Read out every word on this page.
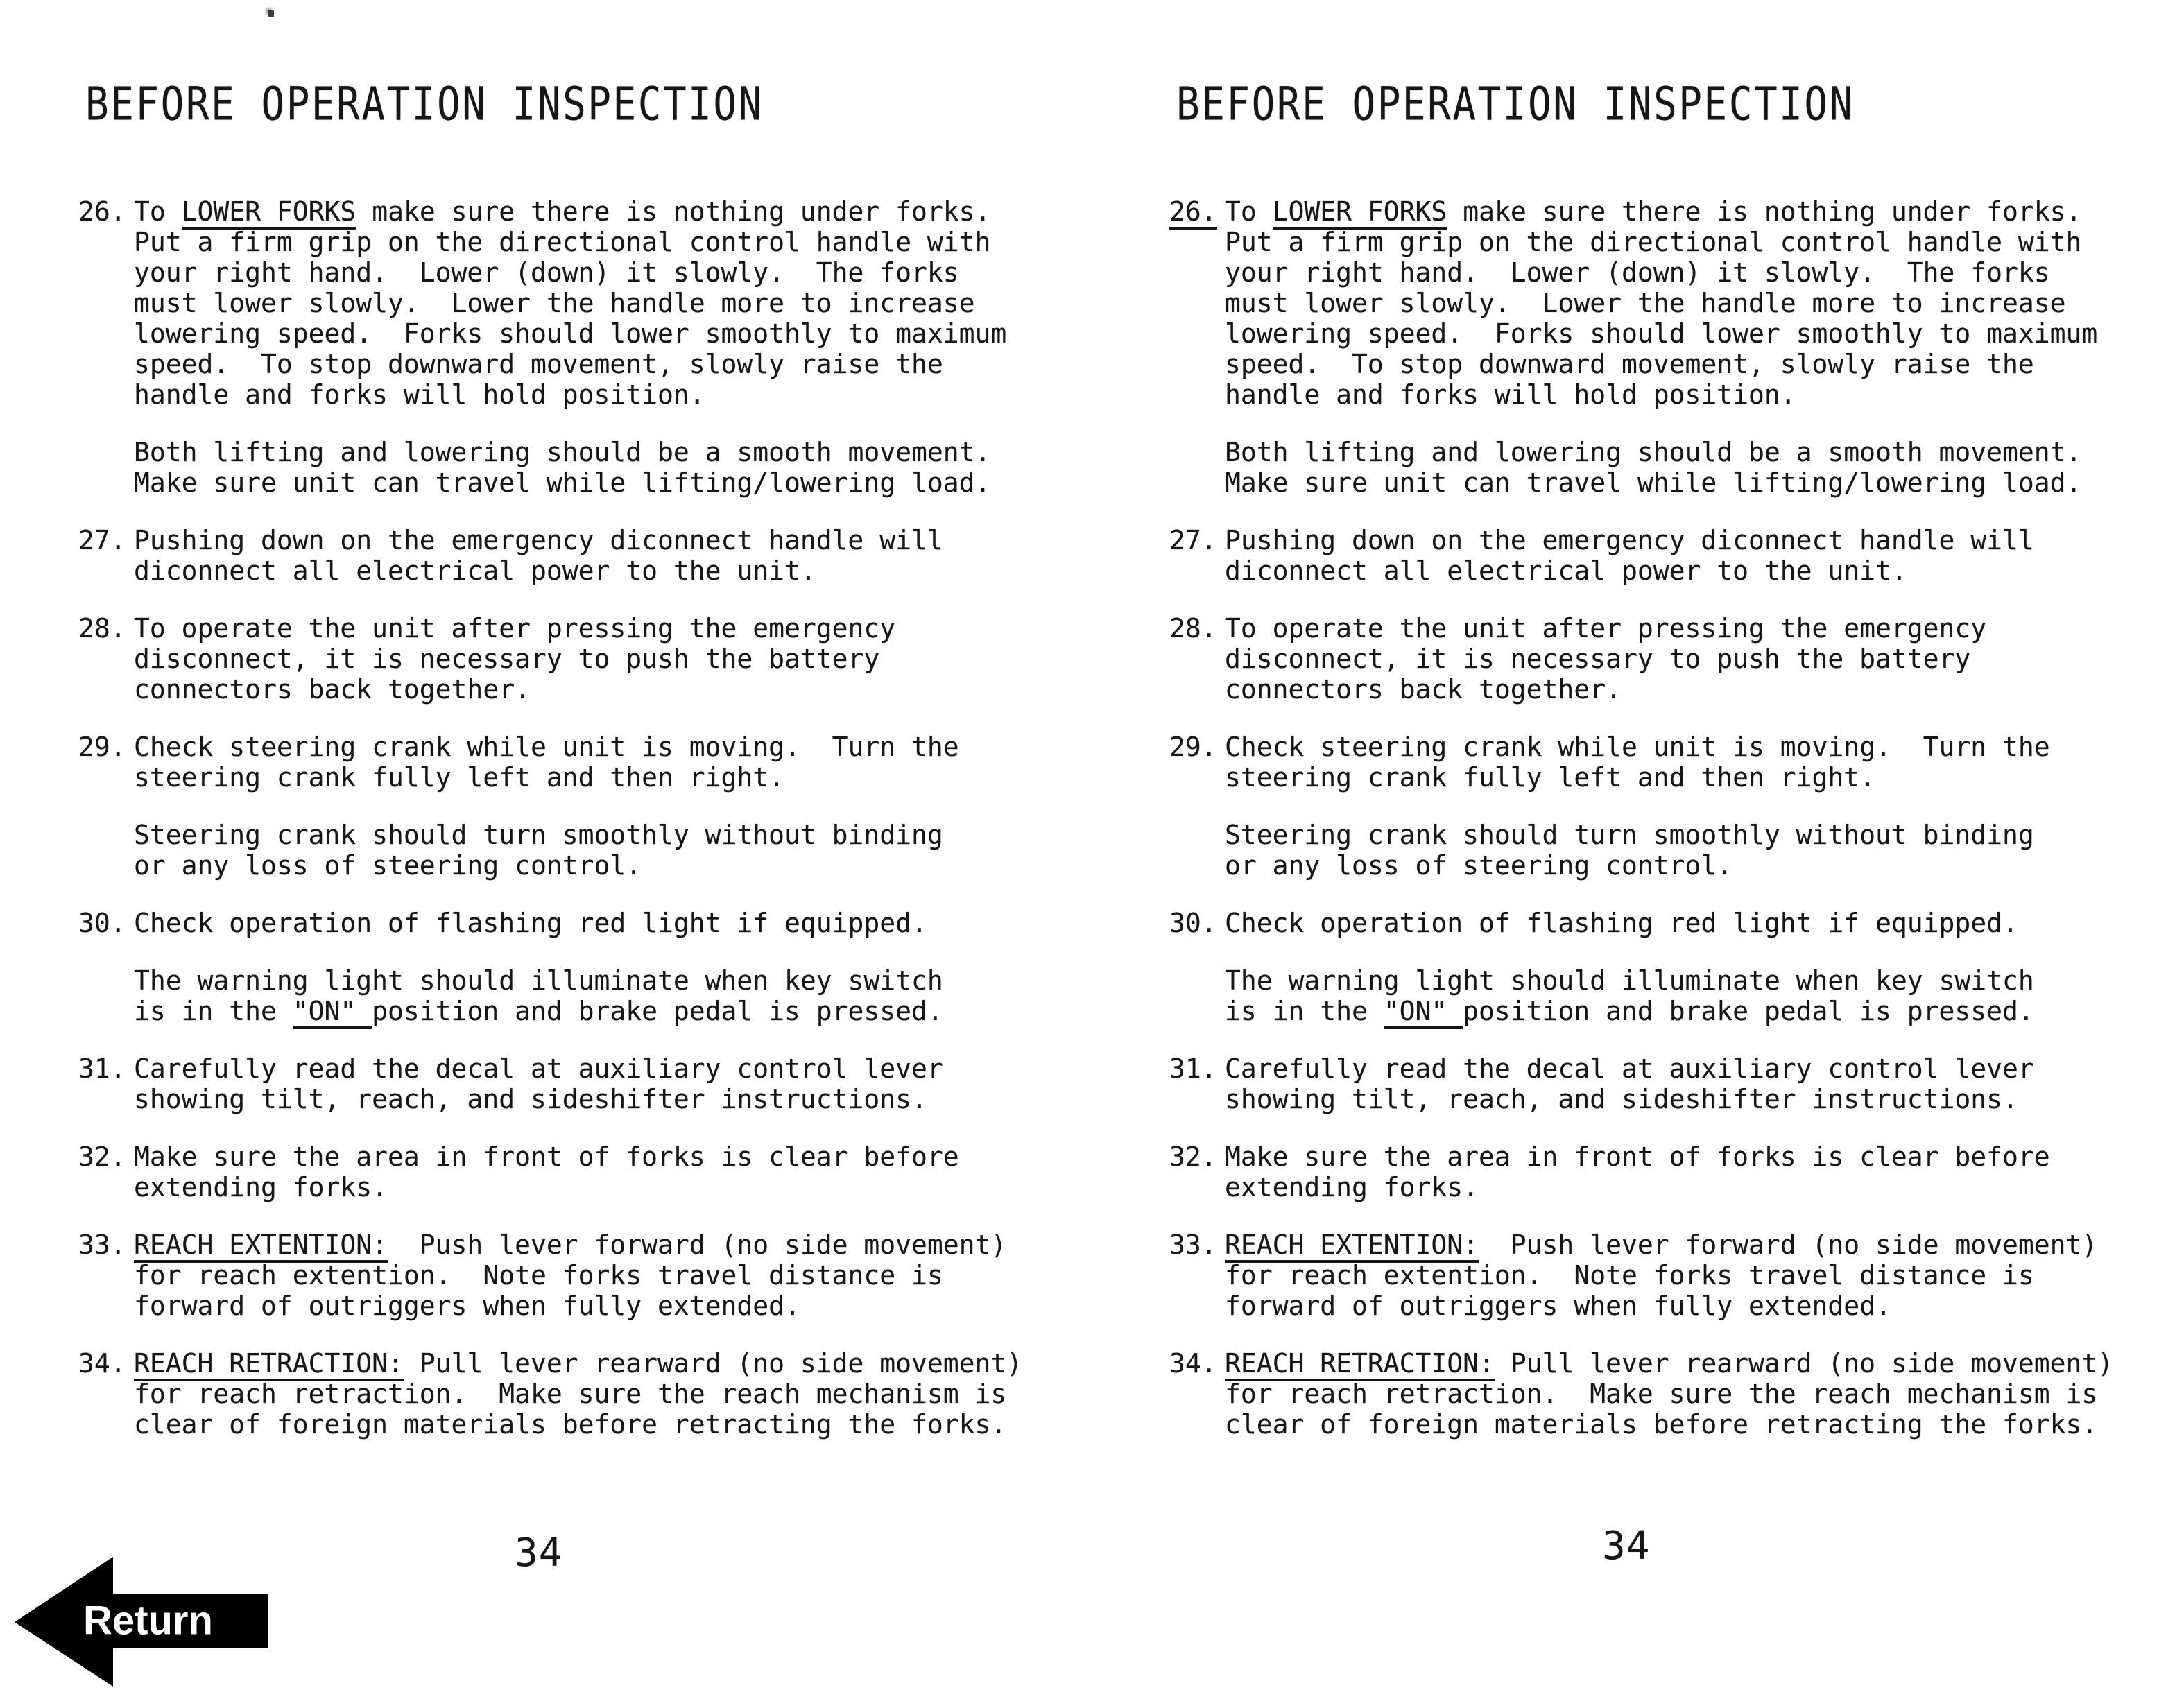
BEFORE OPERATION INSPECTION
26. To LOWER FORKS make sure there is nothing under forks.
Put a firm grip on the directional control handle with
your right hand.  Lower (down) it slowly.  The forks
must lower slowly.  Lower the handle more to increase
lowering speed.  Forks should lower smoothly to maximum
speed.  To stop downward movement, slowly raise the
handle and forks will hold position.
Both lifting and lowering should be a smooth movement.
Make sure unit can travel while lifting/lowering load.
27. Pushing down on the emergency diconnect handle will
diconnect all electrical power to the unit.
28. To operate the unit after pressing the emergency
disconnect, it is necessary to push the battery
connectors back together.
29. Check steering crank while unit is moving.  Turn the
steering crank fully left and then right.
Steering crank should turn smoothly without binding
or any loss of steering control.
30. Check operation of flashing red light if equipped.
The warning light should illuminate when key switch
is in the "ON" position and brake pedal is pressed.
31. Carefully read the decal at auxiliary control lever
showing tilt, reach, and sideshifter instructions.
32. Make sure the area in front of forks is clear before
extending forks.
33. REACH EXTENTION:  Push lever forward (no side movement)
for reach extention.  Note forks travel distance is
forward of outriggers when fully extended.
34. REACH RETRACTION: Pull lever rearward (no side movement)
for reach retraction.  Make sure the reach mechanism is
clear of foreign materials before retracting the forks.
BEFORE OPERATION INSPECTION
26. To LOWER FORKS make sure there is nothing under forks.
Put a firm grip on the directional control handle with
your right hand.  Lower (down) it slowly.  The forks
must lower slowly.  Lower the handle more to increase
lowering speed.  Forks should lower smoothly to maximum
speed.  To stop downward movement, slowly raise the
handle and forks will hold position.
Both lifting and lowering should be a smooth movement.
Make sure unit can travel while lifting/lowering load.
27. Pushing down on the emergency diconnect handle will
diconnect all electrical power to the unit.
28. To operate the unit after pressing the emergency
disconnect, it is necessary to push the battery
connectors back together.
29. Check steering crank while unit is moving.  Turn the
steering crank fully left and then right.
Steering crank should turn smoothly without binding
or any loss of steering control.
30. Check operation of flashing red light if equipped.
The warning light should illuminate when key switch
is in the "ON" position and brake pedal is pressed.
31. Carefully read the decal at auxiliary control lever
showing tilt, reach, and sideshifter instructions.
32. Make sure the area in front of forks is clear before
extending forks.
33. REACH EXTENTION:  Push lever forward (no side movement)
for reach extention.  Note forks travel distance is
forward of outriggers when fully extended.
34. REACH RETRACTION: Pull lever rearward (no side movement)
for reach retraction.  Make sure the reach mechanism is
clear of foreign materials before retracting the forks.
34	34
Return
